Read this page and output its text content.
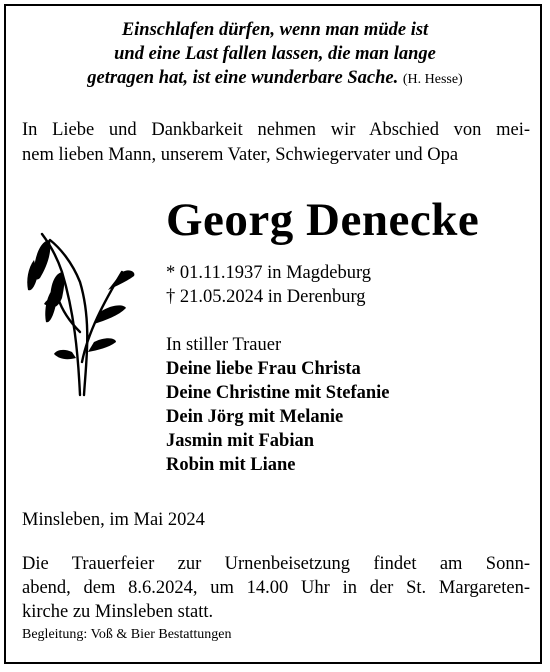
Einschlafen dürfen, wenn man müde ist
und eine Last fallen lassen, die man lange
getragen hat, ist eine wunderbare Sache. (H. Hesse)
In Liebe und Dankbarkeit nehmen wir Abschied von mei-
nem lieben Mann, unserem Vater, Schwiegervater und Opa
Georg Denecke
* 01.11.1937 in Magdeburg
† 21.05.2024 in Derenburg
In stiller Trauer
Deine liebe Frau Christa
Deine Christine mit Stefanie
Dein Jörg mit Melanie
Jasmin mit Fabian
Robin mit Liane
Minsleben, im Mai 2024
Die Trauerfeier zur Urnenbeisetzung findet am Sonn-
abend, dem 8.6.2024, um 14.00 Uhr in der St. Margareten-
kirche zu Minsleben statt.
Begleitung: Voß & Bier Bestattungen
